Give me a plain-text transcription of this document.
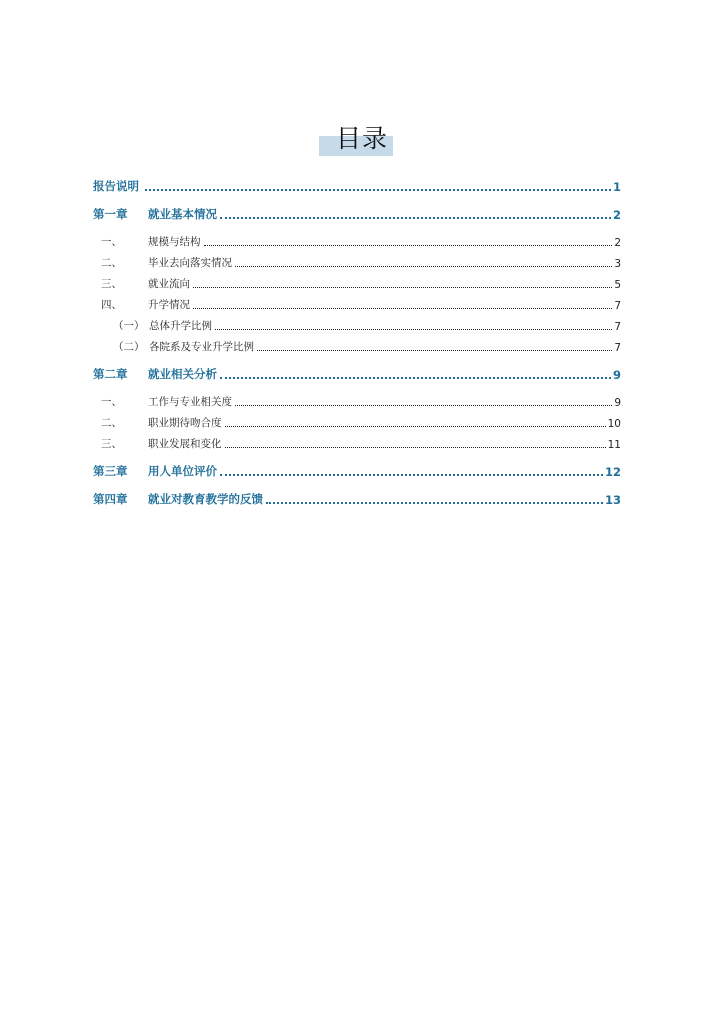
目录
报告说明	1
第一章	就业基本情况	2
一、	规模与结构	2
二、	毕业去向落实情况	3
三、	就业流向	5
四、	升学情况	7
（一） 总体升学比例	7
（二） 各院系及专业升学比例	7
第二章	就业相关分析	9
一、	工作与专业相关度	9
二、	职业期待吻合度	10
三、	职业发展和变化	11
第三章	用人单位评价	12
第四章	就业对教育教学的反馈	13
